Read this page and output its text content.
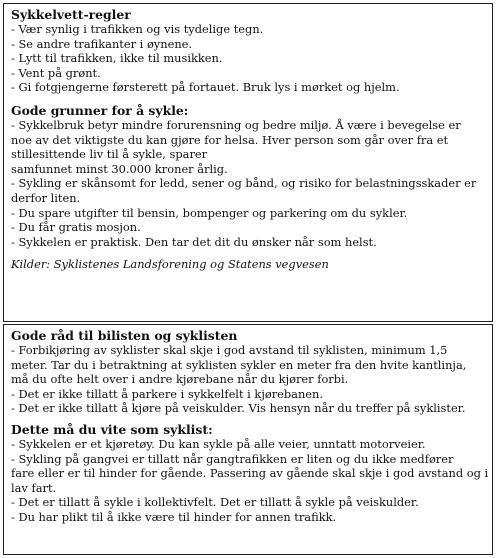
Sykkelvett-regler

- Vær synlig i trafikken og vis tydelige tegn.

- Se andre trafikanter i øynene.

- Lytt til trafikken, ikke til musikken.

- Vent på grønt.

- Gi fotgjengerne førsterett på fortauet. Bruk lys i mørket og hjelm.

Gode grunner for å sykle:

- Sykkelbruk betyr mindre forurensning og bedre miljø. Å være i bevegelse er

noe av det viktigste du kan gjøre for helsa. Hver person som går over fra et

stillesittende liv til å sykle, sparer

samfunnet minst 30.000 kroner årlig.

- Sykling er skånsomt for ledd, sener og bånd, og risiko for belastningsskader er

derfor liten.

- Du spare utgifter til bensin, bompenger og parkering om du sykler.

- Du får gratis mosjon.

- Sykkelen er praktisk. Den tar det dit du ønsker når som helst.

Kilder: Syklistenes Landsforening og Statens vegvesen

Gode råd til bilisten og syklisten

- Forbikjøring av syklister skal skje i god avstand til syklisten, minimum 1,5

meter. Tar du i betraktning at syklisten sykler en meter fra den hvite kantlinja,

må du ofte helt over i andre kjørebane når du kjører forbi.

- Det er ikke tillatt å parkere i sykkelfelt i kjørebanen.

- Det er ikke tillatt å kjøre på veiskulder. Vis hensyn når du treffer på syklister.

Dette må du vite som syklist:

- Sykkelen er et kjøretøy. Du kan sykle på alle veier, unntatt motorveier.

- Sykling på gangvei er tillatt når gangtrafikken er liten og du ikke medfører

fare eller er til hinder for gående. Passering av gående skal skje i god avstand og i

lav fart.

- Det er tillatt å sykle i kollektivfelt. Det er tillatt å sykle på veiskulder.

- Du har plikt til å ikke være til hinder for annen trafikk.
